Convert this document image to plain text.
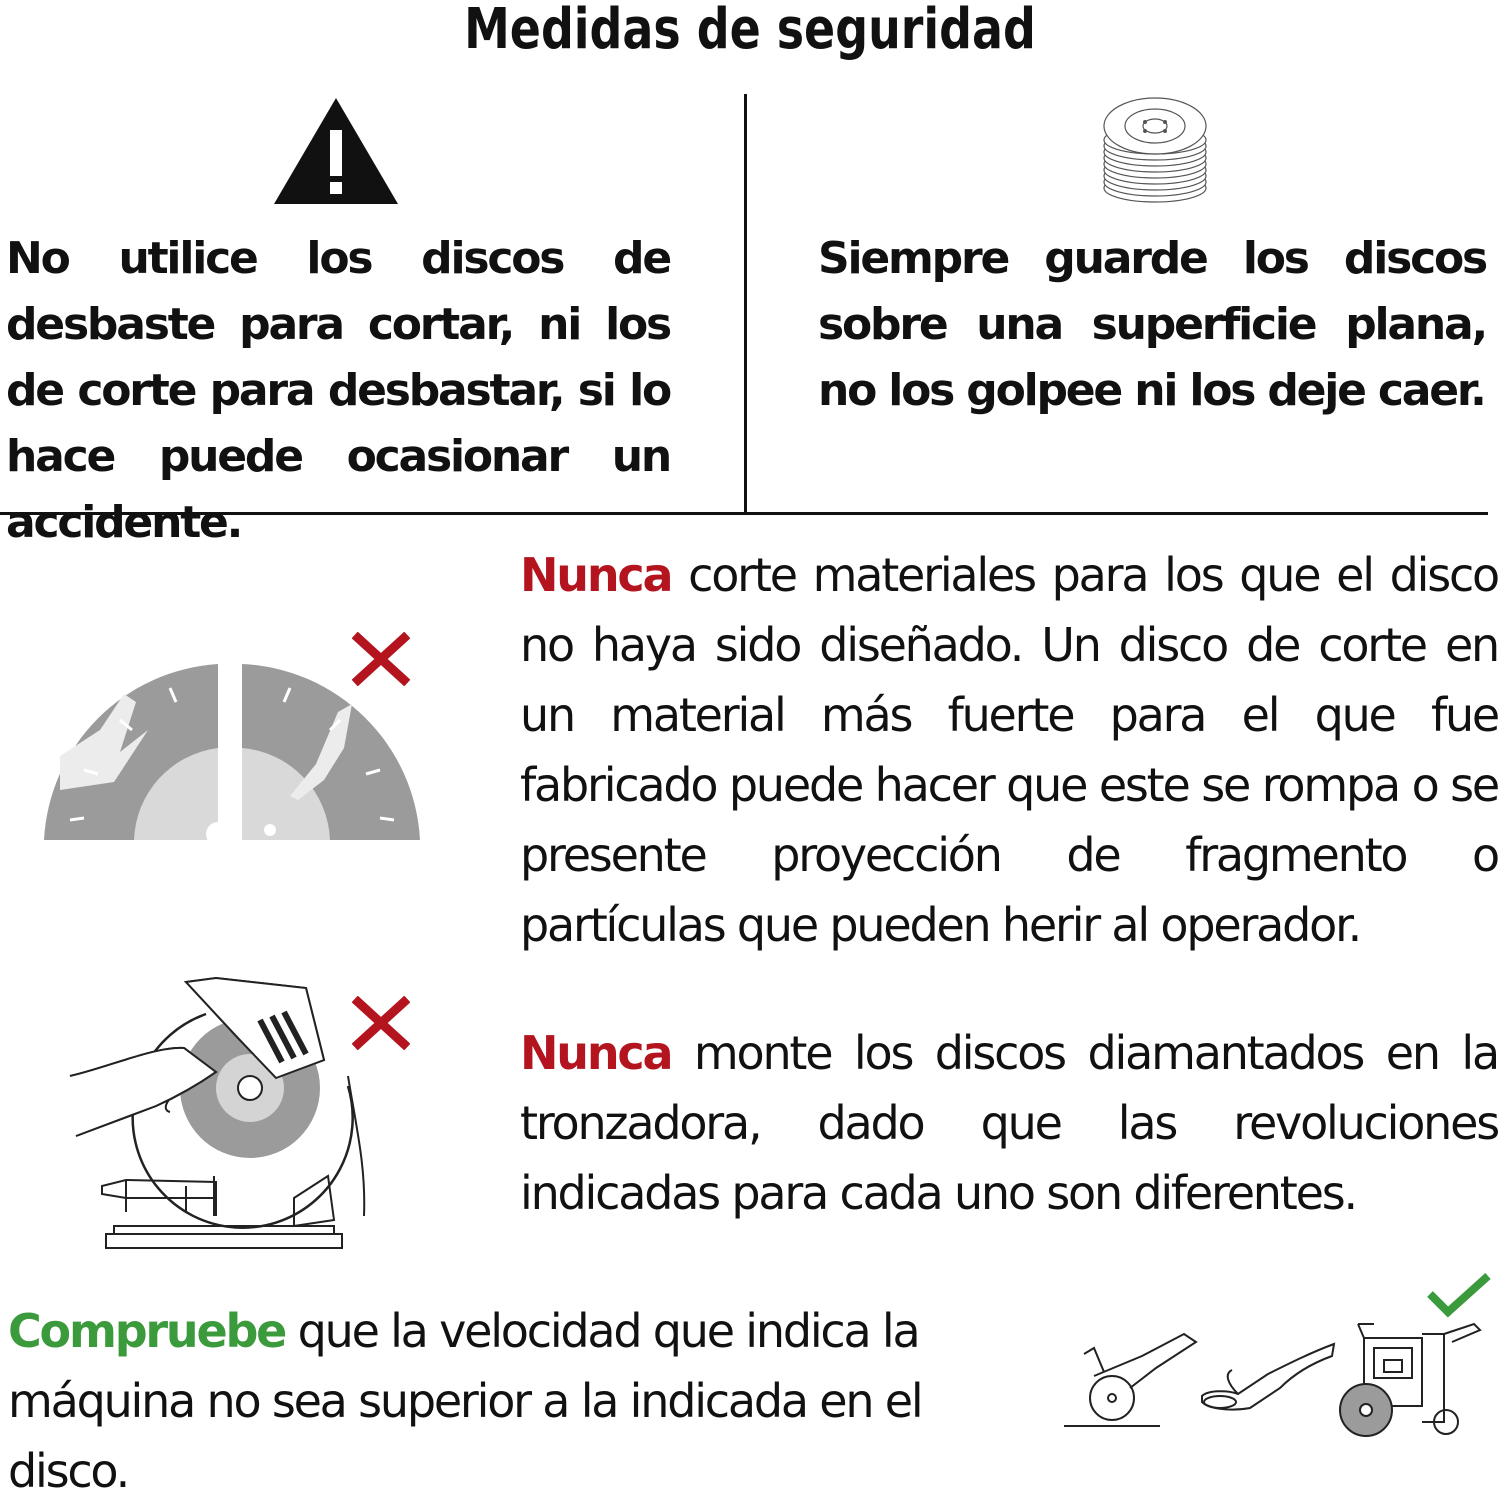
Medidas de seguridad
No utilice los discos de desbaste para cortar, ni los de corte para desbastar, si lo hace puede ocasionar un accidente.
Siempre guarde los discos sobre una superficie plana, no los golpee ni los deje caer.
Nunca corte materiales para los que el disco no haya sido diseñado. Un disco de corte en un material más fuerte para el que fue fabricado puede hacer que este se rompa o se presente proyección de fragmento o partículas que pueden herir al operador.
Nunca monte los discos diamantados en la tronzadora, dado que las revoluciones indicadas para cada uno son diferentes.
Compruebe que la velocidad que indica la máquina no sea superior a la indicada en el disco.
